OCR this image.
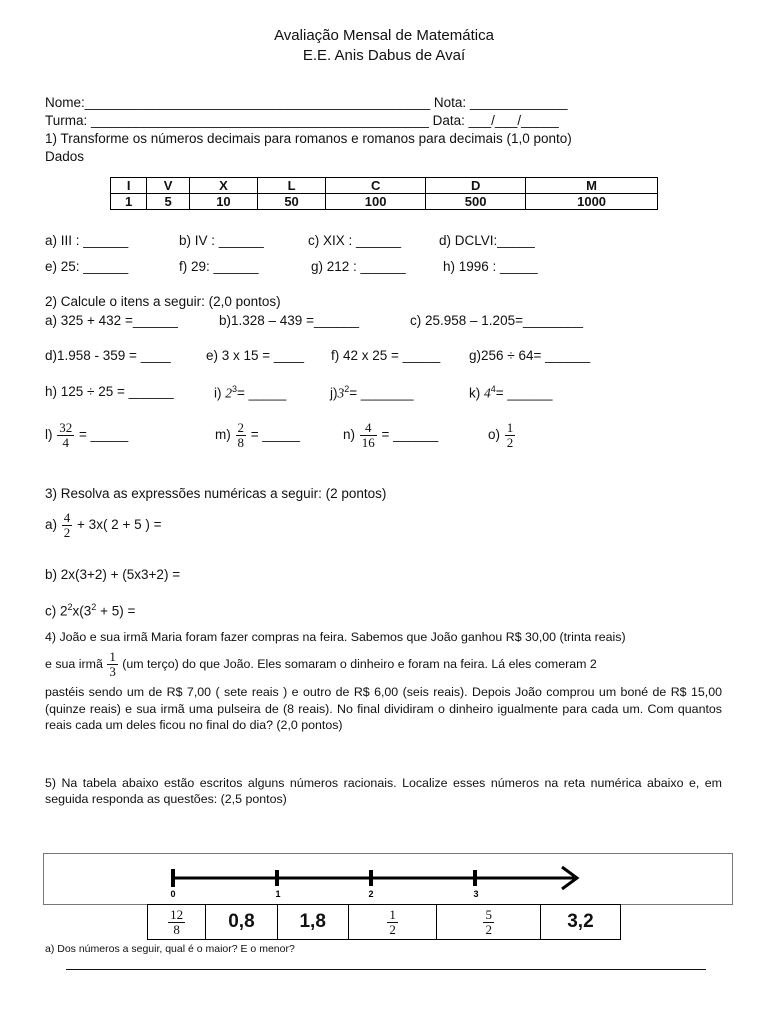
Avaliação Mensal de Matemática
E.E. Anis Dabus de Avaí
Nome:______________________________________________ Nota: _____________
Turma: _____________________________________________ Data: ___/___/_____
1) Transforme os números decimais para romanos e romanos para decimais (1,0 ponto)
Dados
I	V	X	L	C	D	M
1	5	10	50	100	500	1000
a) III : ______	b) IV : ______	c) XIX : ______	d) DCLVI:_____
e) 25: ______	f) 29: ______	g) 212 : ______	h) 1996 : _____
2) Calcule o itens a seguir: (2,0 pontos)
a) 325 + 432 =______	b)1.328 – 439 =______	c) 25.958 – 1.205=________
d)1.958 - 359 = ____	e) 3 x 15 = ____ f) 42 x 25 = _____ g)256 ÷ 64= ______
h) 125 ÷ 25 = ______	i) $2^3=$ _____	$j)3^2=$ _______	k) $4^4=$ ______
$l) \frac{32}{4}$ = _____	$m) \frac{2}{8}$ = _____	$n) \frac{4}{16}$ = ______	$o) \frac{1}{2}$
3) Resolva as expressões numéricas a seguir: (2 pontos)
$a) \frac{4}{2} + 3x$( 2 + 5 ) =
b) 2x(3+2) + (5x3+2) =
c) $2^2x(3^2 + 5)$ =
4) João e sua irmã Maria foram fazer compras na feira. Sabemos que João ganhou R$ 30,00 (trinta reais)
e sua irmã $\frac{1}{3} (um$ terço) do que João. Eles somaram o dinheiro e foram na feira. Lá eles comeram 2
pastéis sendo um de R$ 7,00 ( sete reais ) e outro de R$ 6,00 (seis reais). Depois João comprou um boné de R$ 15,00 (quinze reais) e sua irmã uma pulseira de (8 reais). No final dividiram o dinheiro igualmente para cada um. Com quantos reais cada um deles ficou no final do dia? (2,0 pontos)
5) Na tabela abaixo estão escritos alguns números racionais. Localize esses números na reta numérica abaixo e, em seguida responda as questões: (2,5 pontos)
0	1	2	3
$\frac{12}{8}$	0,8	1,8	$\frac{1}{2}$	$\frac{5}{2}$	3,2
a) Dos números a seguir, qual é o maior? E o menor?
